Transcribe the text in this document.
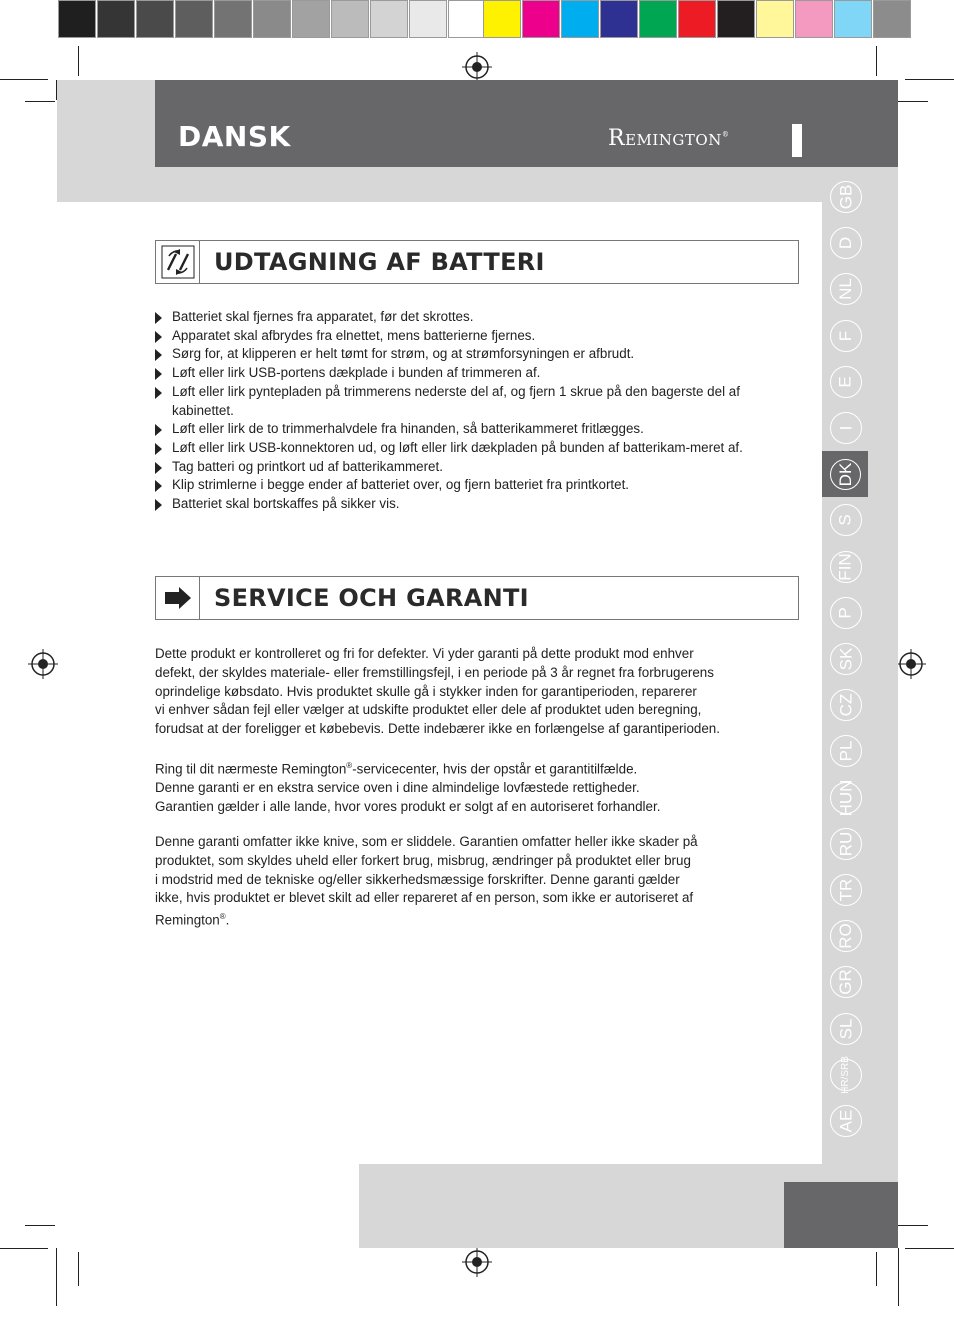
DANSK	Remington®
GB
D
NL
F
E
I
DK
S
FIN
P
SK
CZ
PL
HUN
RU
TR
RO
GR
SL
HR/SRB
AE
UDTAGNING AF BATTERI
Batteriet skal fjernes fra apparatet, før det skrottes.
Apparatet skal afbrydes fra elnettet, mens batterierne fjernes.
Sørg for, at klipperen er helt tømt for strøm, og at strømforsyningen er afbrudt.
Løft eller lirk USB-portens dækplade i bunden af trimmeren af.
Løft eller lirk pyntepladen på trimmerens nederste del af, og fjern 1 skrue på den bagerste del af kabinettet.
Løft eller lirk de to trimmerhalvdele fra hinanden, så batterikammeret fritlægges.
Løft eller lirk USB-konnektoren ud, og løft eller lirk dækpladen på bunden af batterikam-meret af.
Tag batteri og printkort ud af batterikammeret.
Klip strimlerne i begge ender af batteriet over, og fjern batteriet fra printkortet.
Batteriet skal bortskaffes på sikker vis.
SERVICE OCH GARANTI

Dette produkt er kontrolleret og fri for defekter. Vi yder garanti på dette produkt mod enhver
defekt, der skyldes materiale- eller fremstillingsfejl, i en periode på 3 år regnet fra forbrugerens
oprindelige købsdato. Hvis produktet skulle gå i stykker inden for garantiperioden, reparerer
vi enhver sådan fejl eller vælger at udskifte produktet eller dele af produktet uden beregning,
forudsat at der foreligger et købebevis. Dette indebærer ikke en forlængelse af garantiperioden.

Ring til dit nærmeste Remington®-servicecenter, hvis der opstår et garantitilfælde.
Denne garanti er en ekstra service oven i dine almindelige lovfæstede rettigheder.
Garantien gælder i alle lande, hvor vores produkt er solgt af en autoriseret forhandler.

Denne garanti omfatter ikke knive, som er sliddele. Garantien omfatter heller ikke skader på
produktet, som skyldes uheld eller forkert brug, misbrug, ændringer på produktet eller brug
i modstrid med de tekniske og/eller sikkerhedsmæssige forskrifter. Denne garanti gælder
ikke, hvis produktet er blevet skilt ad eller repareret af en person, som ikke er autoriseret af
Remington®.
